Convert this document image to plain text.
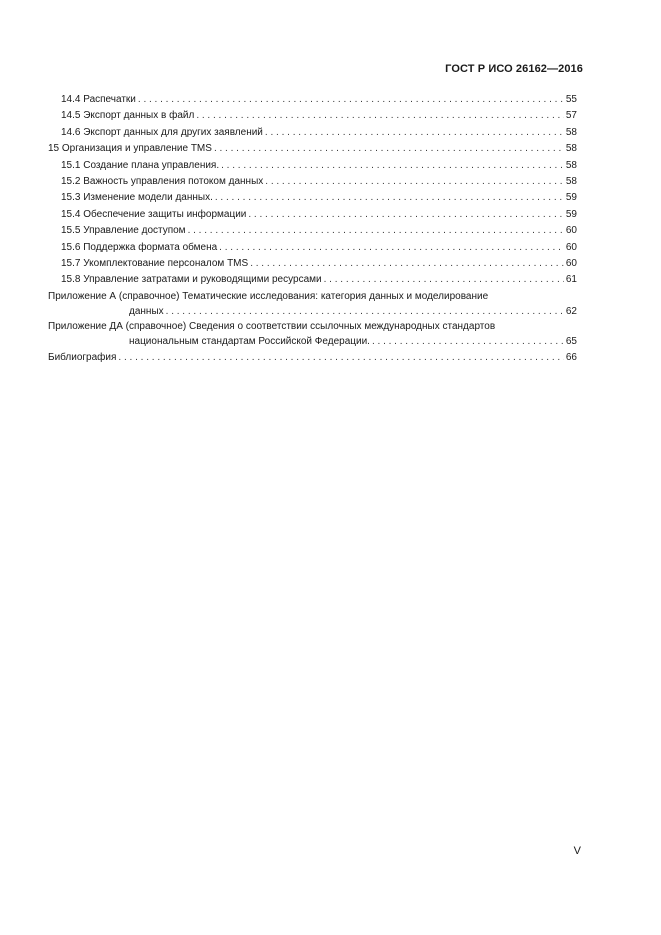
ГОСТ Р ИСО 26162—2016
14.4 Распечатки . . .	55
14.5 Экспорт данных в файл . . .	57
14.6 Экспорт данных для других заявлений . . .	58
15 Организация и управление TMS . . .	58
15.1 Создание плана управления. . . .	58
15.2 Важность управления потоком данных . . .	58
15.3 Изменение модели данных. . . .	59
15.4 Обеспечение защиты информации . . .	59
15.5 Управление доступом . . .	60
15.6 Поддержка формата обмена . . .	60
15.7 Укомплектование персоналом TMS . . .	60
15.8 Управление затратами и руководящими ресурсами . . .	61
Приложение А (справочное) Тематические исследования: категория данных и моделирование
данных . . .	62
Приложение ДА (справочное) Сведения о соответствии ссылочных международных стандартов
национальным стандартам Российской Федерации. . . .	65
Библиография . . .	66
V
